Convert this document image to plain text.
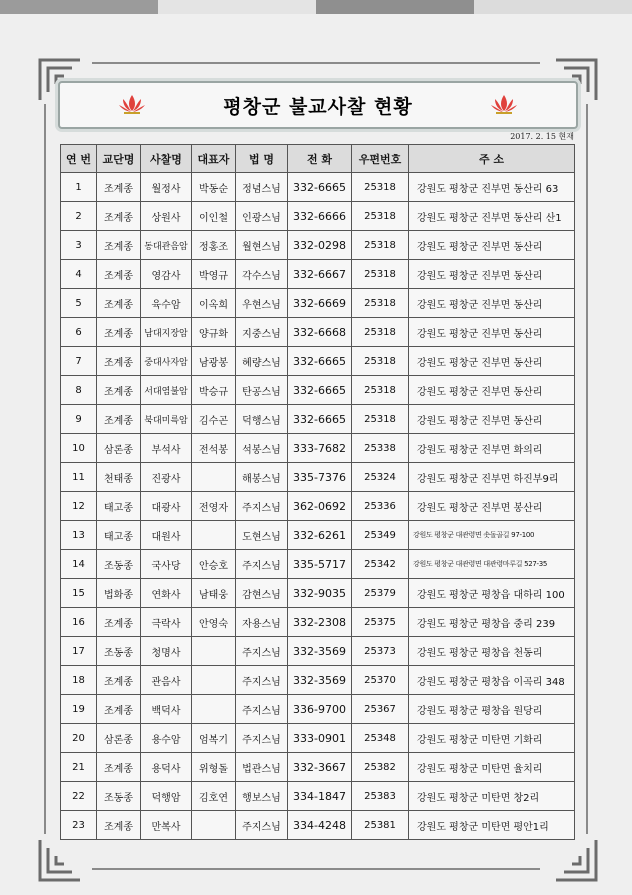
평창군 불교사찰 현황
2017. 2. 15 현재
연 번	교단명	사찰명	대표자	법 명	전 화	우편번호	주 소
1	조계종	월정사	박동순	정념스님	332-6665	25318	강원도 평창군 진부면 동산리 63
2	조계종	상원사	이인철	인광스님	332-6666	25318	강원도 평창군 진부면 동산리 산1
3	조계종	동대관음암	정홍조	월현스님	332-0298	25318	강원도 평창군 진부면 동산리
4	조계종	영감사	박영규	각수스님	332-6667	25318	강원도 평창군 진부면 동산리
5	조계종	육수암	이옥희	우현스님	332-6669	25318	강원도 평창군 진부면 동산리
6	조계종	남대지장암	양규화	지중스님	332-6668	25318	강원도 평창군 진부면 동산리
7	조계종	중대사자암	남광봉	혜량스님	332-6665	25318	강원도 평창군 진부면 동산리
8	조계종	서대염불암	박승규	탄공스님	332-6665	25318	강원도 평창군 진부면 동산리
9	조계종	북대미륵암	김수곤	덕행스님	332-6665	25318	강원도 평창군 진부면 동산리
10	삼론종	부석사	전석봉	석봉스님	333-7682	25338	강원도 평창군 진부면 화의리
11	천태종	진광사		해봉스님	335-7376	25324	강원도 평창군 진부면 하진부9리
12	태고종	대광사	전영자	주지스님	362-0692	25336	강원도 평창군 진부면 봉산리
13	태고종	대원사		도현스님	332-6261	25349	강원도 평창군 대관령면 솟돌골길 97-100
14	조동종	국사당	안승호	주지스님	335-5717	25342	강원도 평창군 대관령면 대관령마루길 527-35
15	법화종	연화사	남태웅	감현스님	332-9035	25379	강원도 평창군 평창읍 대하리 100
16	조계종	극락사	안영숙	자용스님	332-2308	25375	강원도 평창군 평창읍 중리 239
17	조동종	청명사		주지스님	332-3569	25373	강원도 평창군 평창읍 천동리
18	조계종	관음사		주지스님	332-3569	25370	강원도 평창군 평창읍 이곡리 348
19	조계종	백덕사		주지스님	336-9700	25367	강원도 평창군 평창읍 원당리
20	삼론종	용수암	엄복기	주지스님	333-0901	25348	강원도 평창군 미탄면 기화리
21	조계종	용덕사	위형돌	법관스님	332-3667	25382	강원도 평창군 미탄면 율치리
22	조동종	덕행암	김호연	행보스님	334-1847	25383	강원도 평창군 미탄면 창2리
23	조계종	만복사		주지스님	334-4248	25381	강원도 평창군 미탄면 평안1리
